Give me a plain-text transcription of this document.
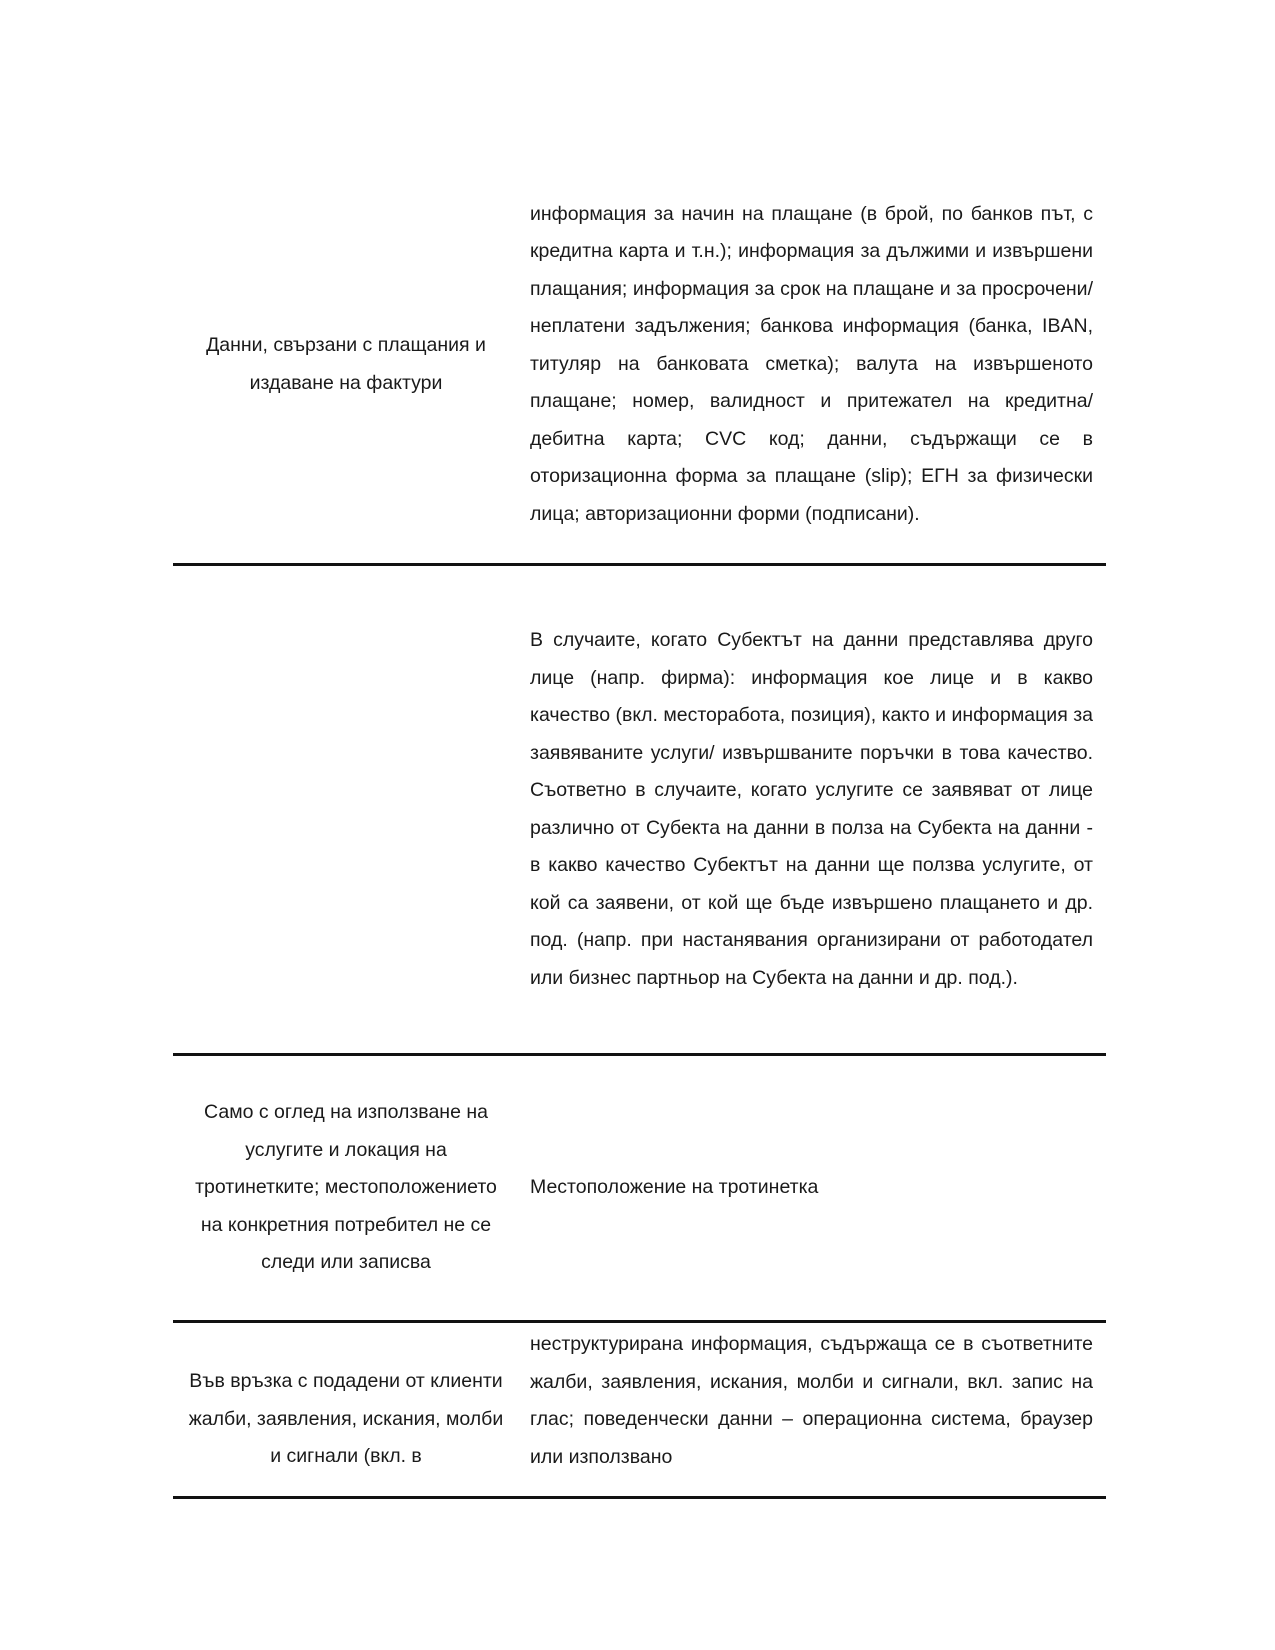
Данни, свързани с плащания и издаване на фактури
информация за начин на плащане (в брой, по банков път, с кредитна карта и т.н.); информация за дължими и извършени плащания; информация за срок на плащане и за просрочени/неплатени задължения; банкова информация (банка, IBAN, титуляр на банковата сметка); валута на извършеното плащане; номер, валидност и притежател на кредитна/ дебитна карта; CVC код; данни, съдържащи се в оторизационна форма за плащане (slip); ЕГН за физически лица; авторизационни форми (подписани).
В случаите, когато Субектът на данни представлява друго лице (напр. фирма): информация кое лице и в какво качество (вкл. месторабота, позиция), както и информация за заявяваните услуги/ извършваните поръчки в това качество. Съответно в случаите, когато услугите се заявяват от лице различно от Субекта на данни в полза на Субекта на данни - в какво качество Субектът на данни ще ползва услугите, от кой са заявени, от кой ще бъде извършено плащането и др. под. (напр. при настанявания организирани от работодател или бизнес партньор на Субекта на данни и др. под.).
Само с оглед на използване на услугите и локация на тротинетките; местоположението на конкретния потребител не се следи или записва
Местоположение на тротинетка
Във връзка с подадени от клиенти жалби, заявления, искания, молби и сигнали (вкл. в
неструктурирана информация, съдържаща се в съответните жалби, заявления, искания, молби и сигнали, вкл. запис на глас; поведенчески данни – операционна система, браузер или използвано
